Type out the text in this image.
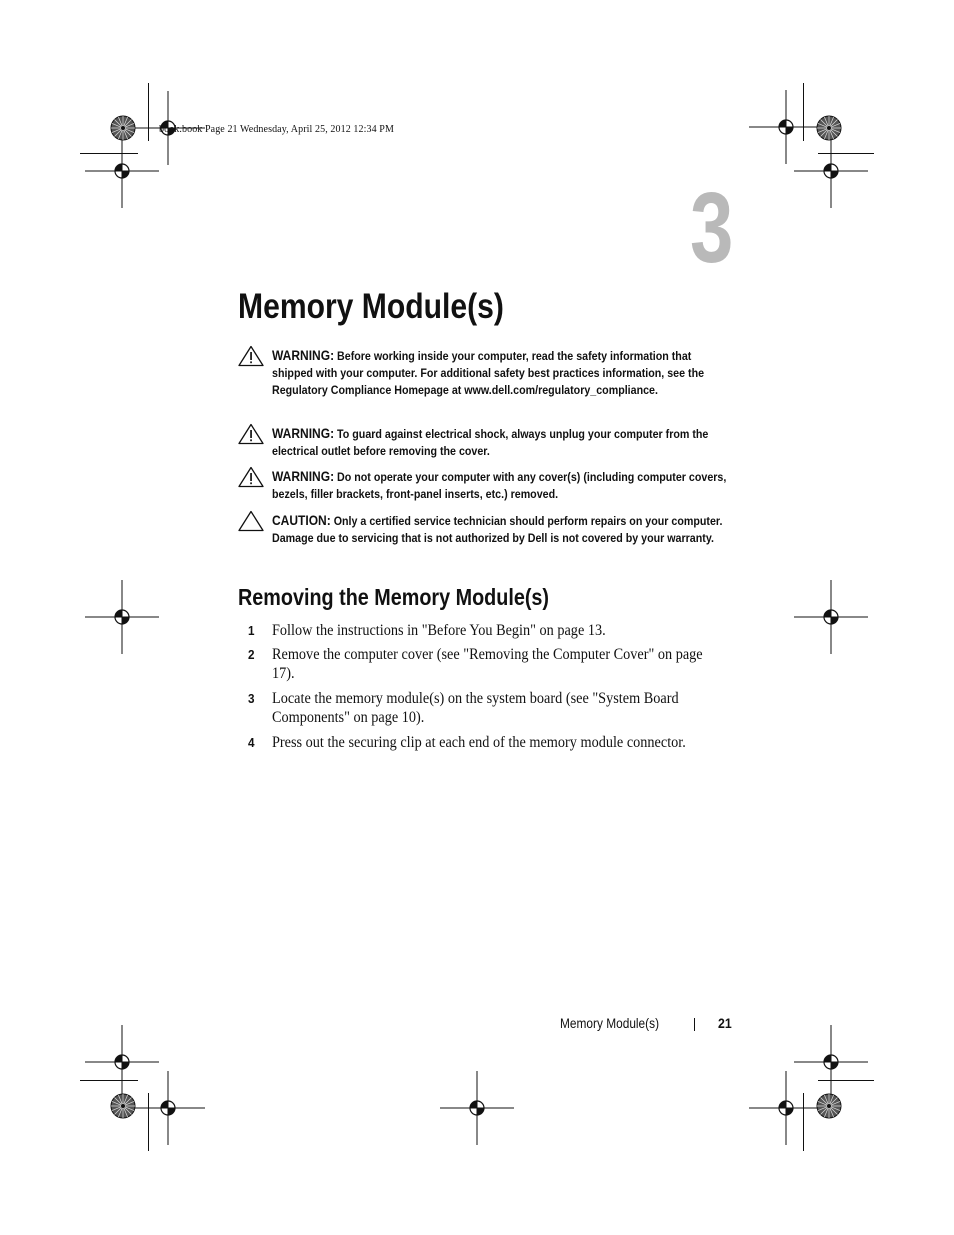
book.book Page 21 Wednesday, April 25, 2012 12:34 PM
3
Memory Module(s)
WARNING: Before working inside your computer, read the safety information that shipped with your computer. For additional safety best practices information, see the Regulatory Compliance Homepage at www.dell.com/regulatory_compliance.
WARNING: To guard against electrical shock, always unplug your computer from the electrical outlet before removing the cover.
WARNING: Do not operate your computer with any cover(s) (including computer covers, bezels, filler brackets, front-panel inserts, etc.) removed.
CAUTION: Only a certified service technician should perform repairs on your computer. Damage due to servicing that is not authorized by Dell is not covered by your warranty.
Removing the Memory Module(s)
1 Follow the instructions in "Before You Begin" on page 13.
2 Remove the computer cover (see "Removing the Computer Cover" on page 17).
3 Locate the memory module(s) on the system board (see "System Board Components" on page 10).
4 Press out the securing clip at each end of the memory module connector.
Memory Module(s)	21
